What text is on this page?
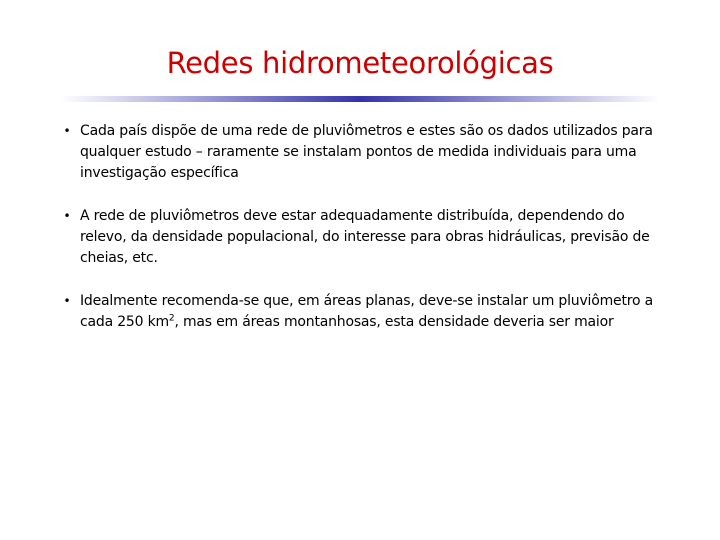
Redes hidrometeorológicas
• Cada país dispõe de uma rede de pluviômetros e estes são os dados utilizados para qualquer estudo – raramente se instalam pontos de medida individuais para uma investigação específica
• A rede de pluviômetros deve estar adequadamente distribuída, dependendo do relevo, da densidade populacional, do interesse para obras hidráulicas, previsão de cheias, etc.
• Idealmente recomenda-se que, em áreas planas, deve-se instalar um pluviômetro a cada 250 $km^2$, mas em áreas montanhosas, esta densidade deveria ser maior
